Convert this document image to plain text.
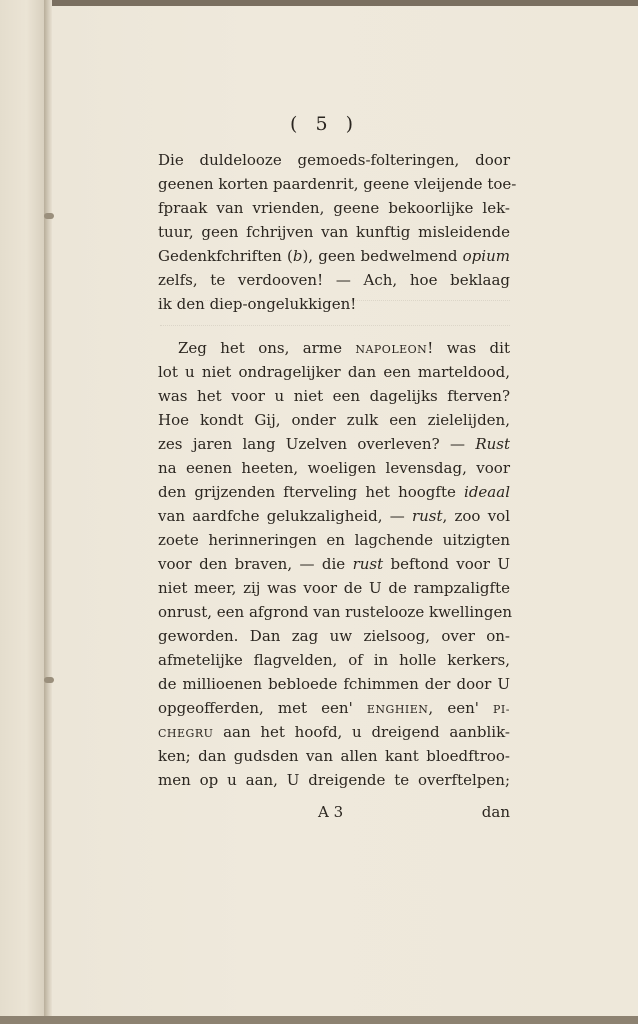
( 5 )
Die duldelooze gemoeds-folteringen, door
geenen korten paardenrit, geene vleijende toe-
fpraak van vrienden, geene bekoorlijke lek-
tuur, geen fchrijven van kunftig misleidende
Gedenkfchriften (b), geen bedwelmend opium
zelfs, te verdooven! — Ach, hoe beklaag
ik den diep-ongelukkigen!
Zeg het ons, arme NAPOLEON! was dit
lot u niet ondragelijker dan een marteldood,
was het voor u niet een dagelijks fterven?
Hoe kondt Gij, onder zulk een zielelijden,
zes jaren lang Uzelven overleven? — Rust
na eenen heeten, woeligen levensdag, voor
den grijzenden fterveling het hoogfte ideaal
van aardfche gelukzaligheid, — rust, zoo vol
zoete herinneringen en lagchende uitzigten
voor den braven, — die rust beftond voor U
niet meer, zij was voor de U de rampzaligfte
onrust, een afgrond van rustelooze kwellingen
geworden. Dan zag uw zielsoog, over on-
afmetelijke flagvelden, of in holle kerkers,
de millioenen bebloede fchimmen der door U
opgeofferden, met een' ENGHIEN, een' PI-
CHEGRU aan het hoofd, u dreigend aanblik-
ken; dan gudsden van allen kant bloedftroo-
men op u aan, U dreigende te overftelpen;
A 3	dan
